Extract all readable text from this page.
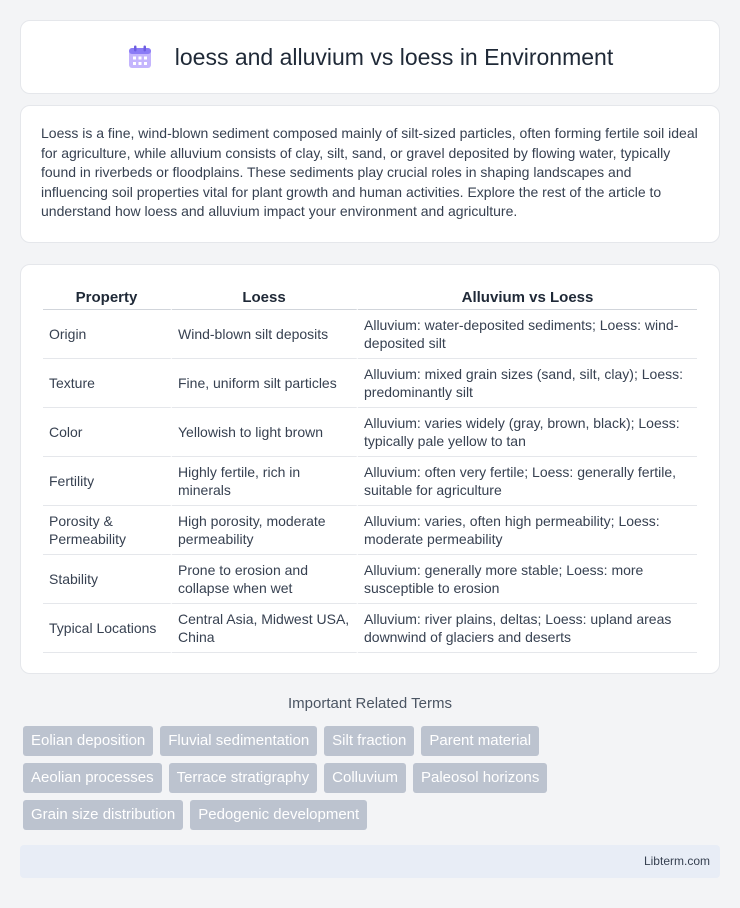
loess and alluvium vs loess in Environment

Loess is a fine, wind-blown sediment composed mainly of silt-sized particles, often forming fertile soil ideal for agriculture, while alluvium consists of clay, silt, sand, or gravel deposited by flowing water, typically found in riverbeds or floodplains. These sediments play crucial roles in shaping landscapes and influencing soil properties vital for plant growth and human activities. Explore the rest of the article to understand how loess and alluvium impact your environment and agriculture.

Property	Loess	Alluvium vs Loess
Origin	Wind-blown silt deposits	Alluvium: water-deposited sediments; Loess: wind-deposited silt
Texture	Fine, uniform silt particles	Alluvium: mixed grain sizes (sand, silt, clay); Loess: predominantly silt
Color	Yellowish to light brown	Alluvium: varies widely (gray, brown, black); Loess: typically pale yellow to tan
Fertility	Highly fertile, rich in minerals	Alluvium: often very fertile; Loess: generally fertile, suitable for agriculture
Porosity & Permeability	High porosity, moderate permeability	Alluvium: varies, often high permeability; Loess: moderate permeability
Stability	Prone to erosion and collapse when wet	Alluvium: generally more stable; Loess: more susceptible to erosion
Typical Locations	Central Asia, Midwest USA, China	Alluvium: river plains, deltas; Loess: upland areas downwind of glaciers and deserts
Important Related Terms
Eolian deposition	Fluvial sedimentation	Silt fraction	Parent material
Aeolian processes	Terrace stratigraphy	Colluvium	Paleosol horizons
Grain size distribution	Pedogenic development
Libterm.com
